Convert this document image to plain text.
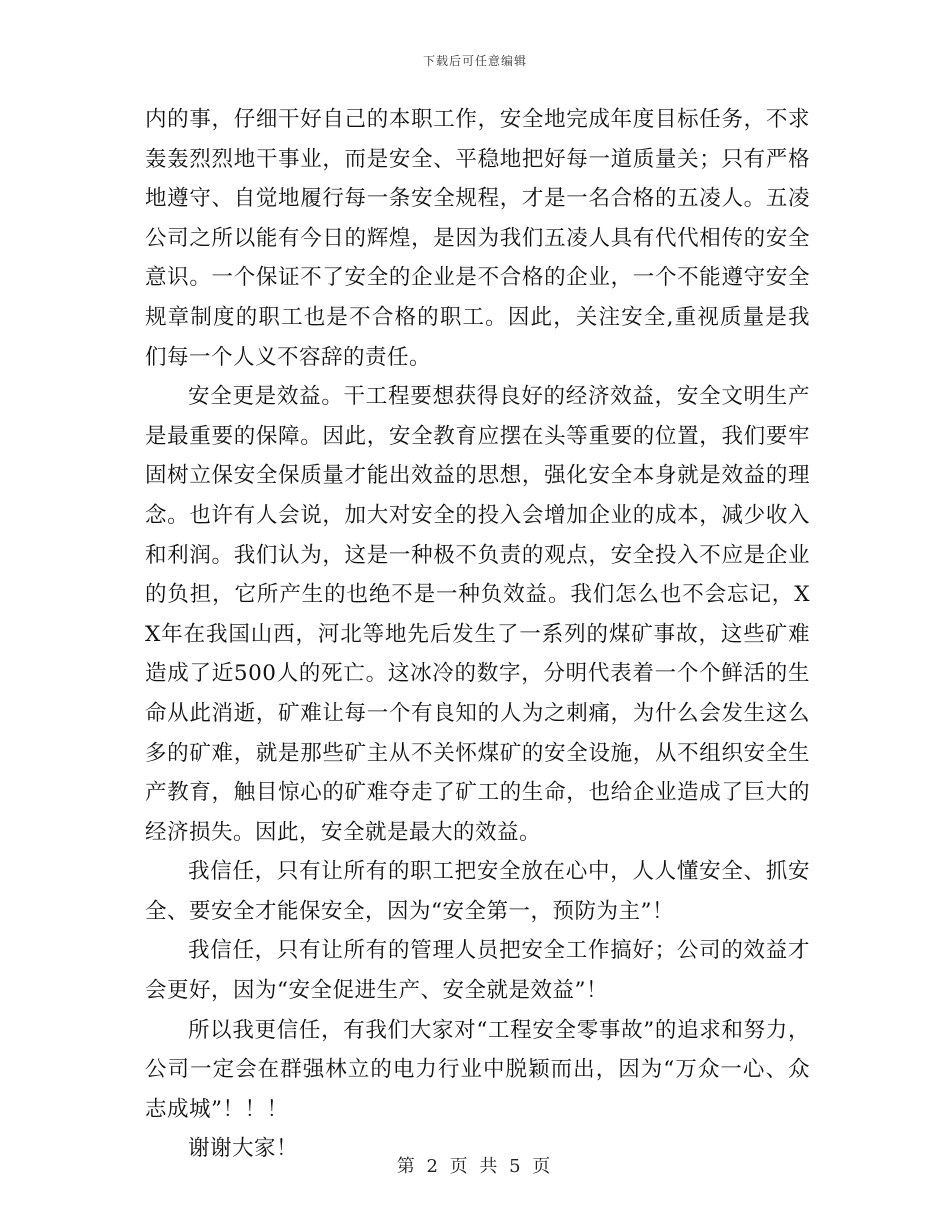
下载后可任意编辑

内的事，仔细干好自己的本职工作，安全地完成年度目标任务，不求轰轰烈烈地干事业，而是安全、平稳地把好每一道质量关；只有严格地遵守、自觉地履行每一条安全规程，才是一名合格的五凌人。五凌公司之所以能有今日的辉煌，是因为我们五凌人具有代代相传的安全意识。一个保证不了安全的企业是不合格的企业，一个不能遵守安全规章制度的职工也是不合格的职工。因此，关注安全,重视质量是我们每一个人义不容辞的责任。

安全更是效益。干工程要想获得良好的经济效益，安全文明生产是最重要的保障。因此，安全教育应摆在头等重要的位置，我们要牢固树立保安全保质量才能出效益的思想，强化安全本身就是效益的理念。也许有人会说，加大对安全的投入会增加企业的成本，减少收入和利润。我们认为，这是一种极不负责的观点，安全投入不应是企业的负担，它所产生的也绝不是一种负效益。我们怎么也不会忘记，XX年在我国山西，河北等地先后发生了一系列的煤矿事故，这些矿难造成了近500人的死亡。这冰冷的数字，分明代表着一个个鲜活的生命从此消逝，矿难让每一个有良知的人为之刺痛，为什么会发生这么多的矿难，就是那些矿主从不关怀煤矿的安全设施，从不组织安全生产教育，触目惊心的矿难夺走了矿工的生命，也给企业造成了巨大的经济损失。因此，安全就是最大的效益。

我信任，只有让所有的职工把安全放在心中，人人懂安全、抓安全、要安全才能保安全，因为“安全第一，预防为主”！

我信任，只有让所有的管理人员把安全工作搞好；公司的效益才会更好，因为“安全促进生产、安全就是效益”！

所以我更信任，有我们大家对“工程安全零事故”的追求和努力，公司一定会在群强林立的电力行业中脱颖而出，因为“万众一心、众志成城”！！！

谢谢大家！

第 2 页 共 5 页
